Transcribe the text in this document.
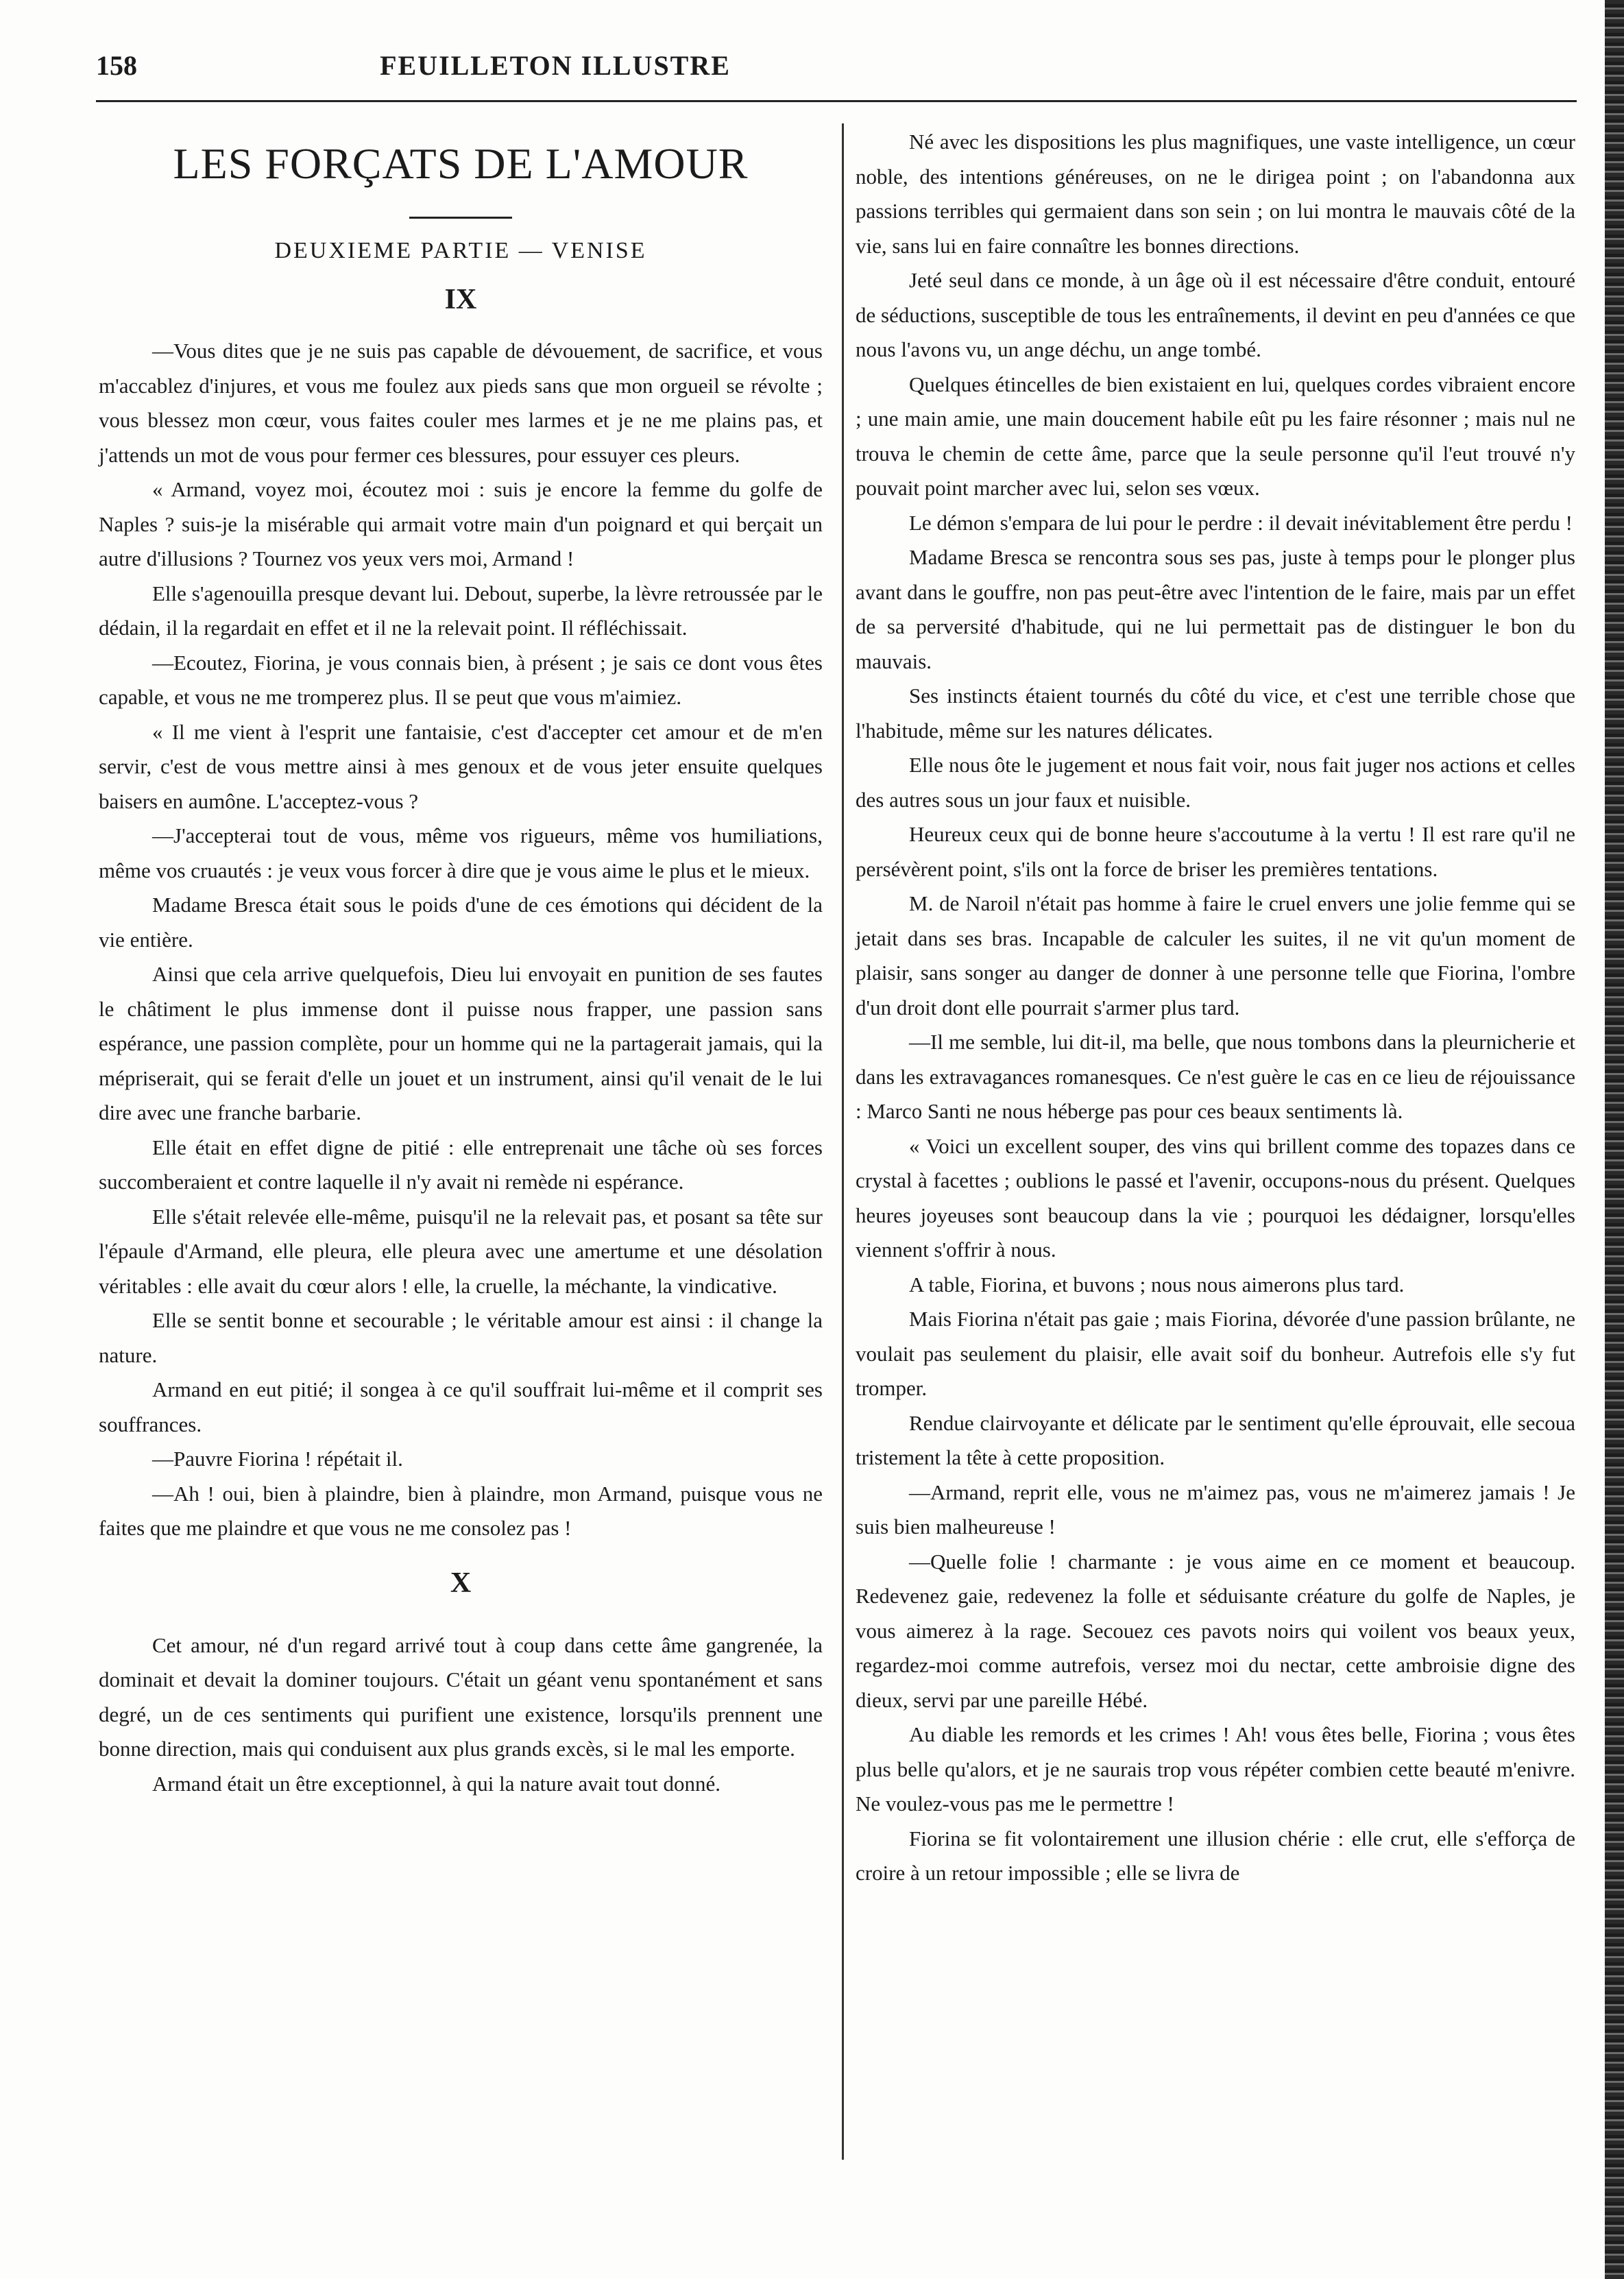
158	FEUILLETON ILLUSTRE
LES FORÇATS DE L'AMOUR
DEUXIEME PARTIE — VENISE
IX

—Vous dites que je ne suis pas capable de dévouement, de sacrifice, et vous m'accablez d'injures, et vous me foulez aux pieds sans que mon orgueil se révolte ; vous blessez mon cœur, vous faites couler mes larmes et je ne me plains pas, et j'attends un mot de vous pour fermer ces blessures, pour essuyer ces pleurs.

« Armand, voyez moi, écoutez moi : suis je encore la femme du golfe de Naples ? suis-je la misérable qui armait votre main d'un poignard et qui berçait un autre d'illusions ? Tournez vos yeux vers moi, Armand !

Elle s'agenouilla presque devant lui. Debout, superbe, la lèvre retroussée par le dédain, il la regardait en effet et il ne la relevait point. Il réfléchissait.

—Ecoutez, Fiorina, je vous connais bien, à présent ; je sais ce dont vous êtes capable, et vous ne me tromperez plus. Il se peut que vous m'aimiez.

« Il me vient à l'esprit une fantaisie, c'est d'accepter cet amour et de m'en servir, c'est de vous mettre ainsi à mes genoux et de vous jeter ensuite quelques baisers en aumône. L'acceptez-vous ?

—J'accepterai tout de vous, même vos rigueurs, même vos humiliations, même vos cruautés : je veux vous forcer à dire que je vous aime le plus et le mieux.

Madame Bresca était sous le poids d'une de ces émotions qui décident de la vie entière.

Ainsi que cela arrive quelquefois, Dieu lui envoyait en punition de ses fautes le châtiment le plus immense dont il puisse nous frapper, une passion sans espérance, une passion complète, pour un homme qui ne la partagerait jamais, qui la mépriserait, qui se ferait d'elle un jouet et un instrument, ainsi qu'il venait de le lui dire avec une franche barbarie.

Elle était en effet digne de pitié : elle entreprenait une tâche où ses forces succomberaient et contre laquelle il n'y avait ni remède ni espérance.

Elle s'était relevée elle-même, puisqu'il ne la relevait pas, et posant sa tête sur l'épaule d'Armand, elle pleura, elle pleura avec une amertume et une désolation véritables : elle avait du cœur alors ! elle, la cruelle, la méchante, la vindicative.

Elle se sentit bonne et secourable ; le véritable amour est ainsi : il change la nature.

Armand en eut pitié; il songea à ce qu'il souffrait lui-même et il comprit ses souffrances.

—Pauvre Fiorina ! répétait il.

—Ah ! oui, bien à plaindre, bien à plaindre, mon Armand, puisque vous ne faites que me plaindre et que vous ne me consolez pas !

X

Cet amour, né d'un regard arrivé tout à coup dans cette âme gangrenée, la dominait et devait la dominer toujours. C'était un géant venu spontanément et sans degré, un de ces sentiments qui purifient une existence, lorsqu'ils prennent une bonne direction, mais qui conduisent aux plus grands excès, si le mal les emporte.

Armand était un être exceptionnel, à qui la nature avait tout donné.

Né avec les dispositions les plus magnifiques, une vaste intelligence, un cœur noble, des intentions généreuses, on ne le dirigea point ; on l'abandonna aux passions terribles qui germaient dans son sein ; on lui montra le mauvais côté de la vie, sans lui en faire connaître les bonnes directions.

Jeté seul dans ce monde, à un âge où il est nécessaire d'être conduit, entouré de séductions, susceptible de tous les entraînements, il devint en peu d'années ce que nous l'avons vu, un ange déchu, un ange tombé.

Quelques étincelles de bien existaient en lui, quelques cordes vibraient encore ; une main amie, une main doucement habile eût pu les faire résonner ; mais nul ne trouva le chemin de cette âme, parce que la seule personne qu'il l'eut trouvé n'y pouvait point marcher avec lui, selon ses vœux.

Le démon s'empara de lui pour le perdre : il devait inévitablement être perdu !

Madame Bresca se rencontra sous ses pas, juste à temps pour le plonger plus avant dans le gouffre, non pas peut-être avec l'intention de le faire, mais par un effet de sa perversité d'habitude, qui ne lui permettait pas de distinguer le bon du mauvais.

Ses instincts étaient tournés du côté du vice, et c'est une terrible chose que l'habitude, même sur les natures délicates.

Elle nous ôte le jugement et nous fait voir, nous fait juger nos actions et celles des autres sous un jour faux et nuisible.

Heureux ceux qui de bonne heure s'accoutume à la vertu ! Il est rare qu'il ne persévèrent point, s'ils ont la force de briser les premières tentations.

M. de Naroil n'était pas homme à faire le cruel envers une jolie femme qui se jetait dans ses bras. Incapable de calculer les suites, il ne vit qu'un moment de plaisir, sans songer au danger de donner à une personne telle que Fiorina, l'ombre d'un droit dont elle pourrait s'armer plus tard.

—Il me semble, lui dit-il, ma belle, que nous tombons dans la pleurnicherie et dans les extravagances romanesques. Ce n'est guère le cas en ce lieu de réjouissance : Marco Santi ne nous héberge pas pour ces beaux sentiments là.

« Voici un excellent souper, des vins qui brillent comme des topazes dans ce crystal à facettes ; oublions le passé et l'avenir, occupons-nous du présent. Quelques heures joyeuses sont beaucoup dans la vie ; pourquoi les dédaigner, lorsqu'elles viennent s'offrir à nous.

A table, Fiorina, et buvons ; nous nous aimerons plus tard.

Mais Fiorina n'était pas gaie ; mais Fiorina, dévorée d'une passion brûlante, ne voulait pas seulement du plaisir, elle avait soif du bonheur. Autrefois elle s'y fut tromper.

Rendue clairvoyante et délicate par le sentiment qu'elle éprouvait, elle secoua tristement la tête à cette proposition.

—Armand, reprit elle, vous ne m'aimez pas, vous ne m'aimerez jamais ! Je suis bien malheureuse !

—Quelle folie ! charmante : je vous aime en ce moment et beaucoup. Redevenez gaie, redevenez la folle et séduisante créature du golfe de Naples, je vous aimerez à la rage. Secouez ces pavots noirs qui voilent vos beaux yeux, regardez-moi comme autrefois, versez moi du nectar, cette ambroisie digne des dieux, servi par une pareille Hébé.

Au diable les remords et les crimes ! Ah! vous êtes belle, Fiorina ; vous êtes plus belle qu'alors, et je ne saurais trop vous répéter combien cette beauté m'enivre. Ne voulez-vous pas me le permettre !

Fiorina se fit volontairement une illusion chérie : elle crut, elle s'efforça de croire à un retour impossible ; elle se livra de
